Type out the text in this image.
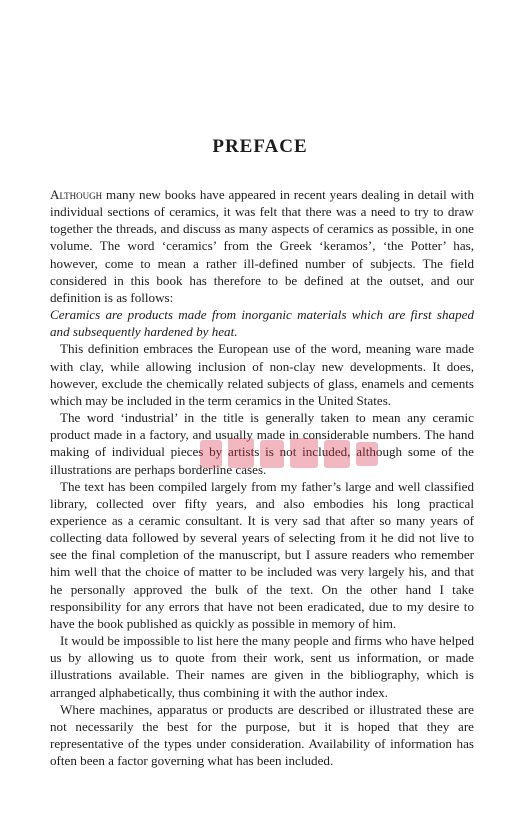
PREFACE

Although many new books have appeared in recent years dealing in detail with individual sections of ceramics, it was felt that there was a need to try to draw together the threads, and discuss as many aspects of ceramics as possible, in one volume. The word ‘ceramics’ from the Greek ‘keramos’, ‘the Potter’ has, however, come to mean a rather ill-defined number of subjects. The field considered in this book has therefore to be defined at the outset, and our definition is as follows:

Ceramics are products made from inorganic materials which are first shaped and subsequently hardened by heat.

This definition embraces the European use of the word, meaning ware made with clay, while allowing inclusion of non-clay new developments. It does, however, exclude the chemically related subjects of glass, enamels and cements which may be included in the term ceramics in the United States.

The word ‘industrial’ in the title is generally taken to mean any ceramic product made in a factory, and usually made in considerable numbers. The hand making of individual pieces by artists is not included, although some of the illustrations are perhaps borderline cases.

The text has been compiled largely from my father’s large and well classified library, collected over fifty years, and also embodies his long practical experience as a ceramic consultant. It is very sad that after so many years of collecting data followed by several years of selecting from it he did not live to see the final completion of the manuscript, but I assure readers who remember him well that the choice of matter to be included was very largely his, and that he personally approved the bulk of the text. On the other hand I take responsibility for any errors that have not been eradicated, due to my desire to have the book published as quickly as possible in memory of him.

It would be impossible to list here the many people and firms who have helped us by allowing us to quote from their work, sent us information, or made illustrations available. Their names are given in the bibliography, which is arranged alphabetically, thus combining it with the author index.

Where machines, apparatus or products are described or illustrated these are not necessarily the best for the purpose, but it is hoped that they are representative of the types under consideration. Availability of information has often been a factor governing what has been included.
